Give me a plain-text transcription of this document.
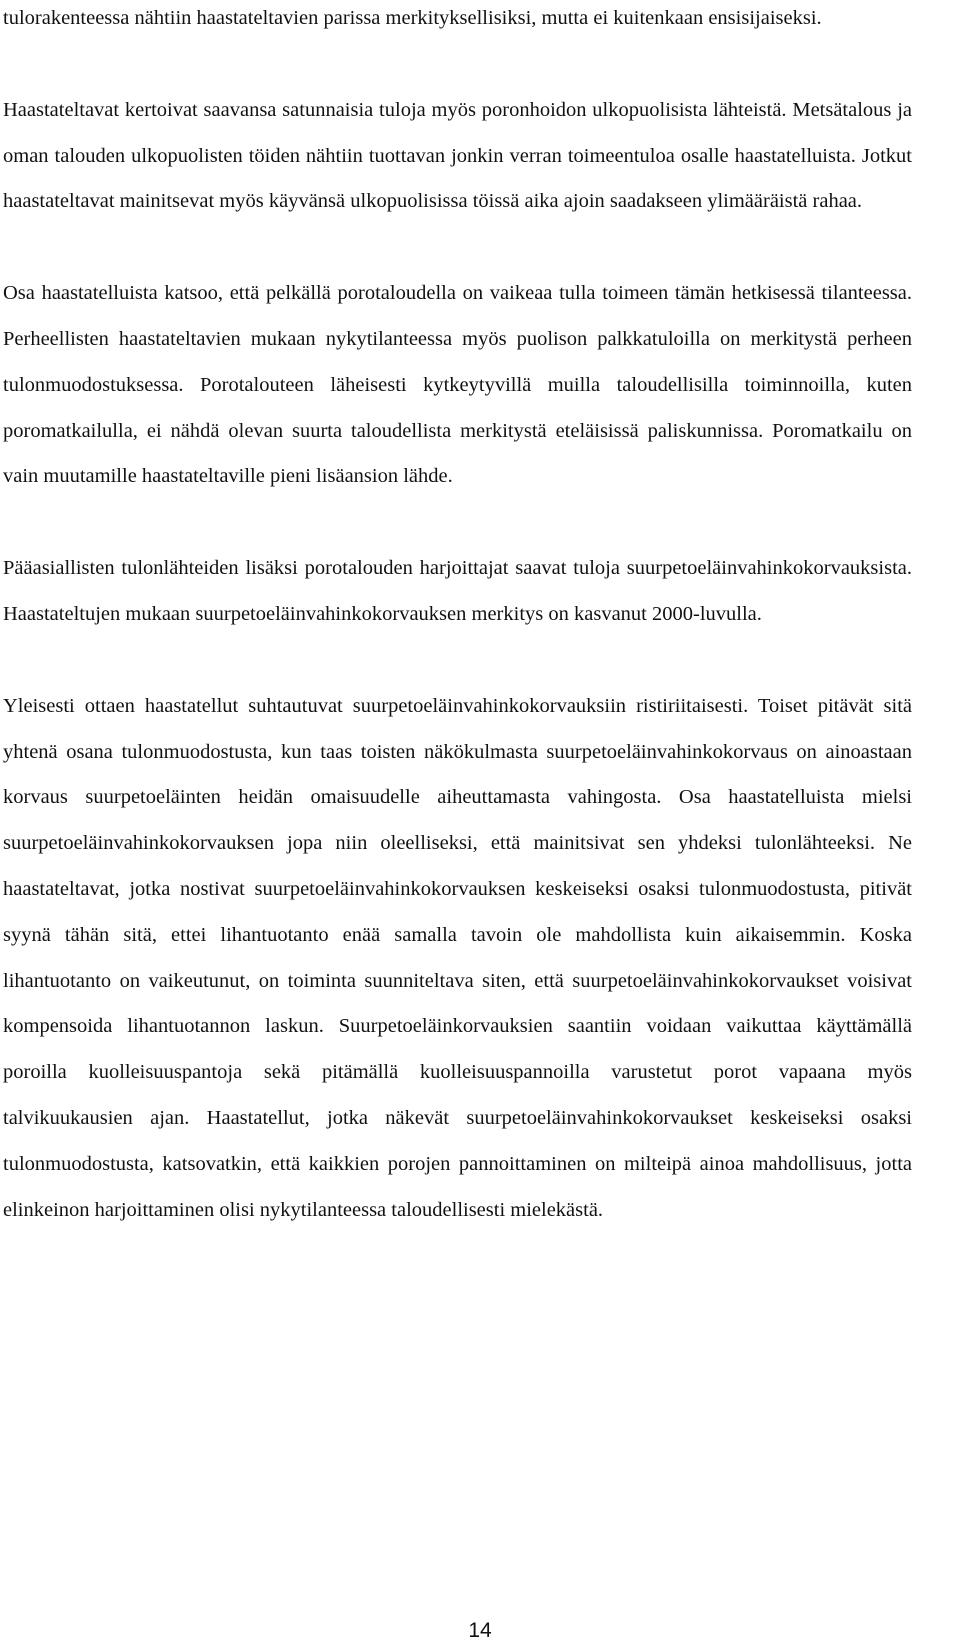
tulorakenteessa nähtiin haastateltavien parissa merkityksellisiksi, mutta ei kuitenkaan ensisijaiseksi.

Haastateltavat kertoivat saavansa satunnaisia tuloja myös poronhoidon ulkopuolisista lähteistä. Metsätalous ja oman talouden ulkopuolisten töiden nähtiin tuottavan jonkin verran toimeentuloa osalle haastatelluista. Jotkut haastateltavat mainitsevat myös käyvänsä ulkopuolisissa töissä aika ajoin saadakseen ylimääräistä rahaa.

Osa haastatelluista katsoo, että pelkällä porotaloudella on vaikeaa tulla toimeen tämän hetkisessä tilanteessa. Perheellisten haastateltavien mukaan nykytilanteessa myös puolison palkkatuloilla on merkitystä perheen tulonmuodostuksessa. Porotalouteen läheisesti kytkeytyvillä muilla taloudellisilla toiminnoilla, kuten poromatkailulla, ei nähdä olevan suurta taloudellista merkitystä eteläisissä paliskunnissa. Poromatkailu on vain muutamille haastateltaville pieni lisäansion lähde.

Pääasiallisten tulonlähteiden lisäksi porotalouden harjoittajat saavat tuloja suurpetoeläinvahinkokorvauksista. Haastateltujen mukaan suurpetoeläinvahinkokorvauksen merkitys on kasvanut 2000-luvulla.

Yleisesti ottaen haastatellut suhtautuvat suurpetoeläinvahinkokorvauksiin ristiriitaisesti. Toiset pitävät sitä yhtenä osana tulonmuodostusta, kun taas toisten näkökulmasta suurpetoeläinvahinkokorvaus on ainoastaan korvaus suurpetoeläinten heidän omaisuudelle aiheuttamasta vahingosta. Osa haastatelluista mielsi suurpetoeläinvahinkokorvauksen jopa niin oleelliseksi, että mainitsivat sen yhdeksi tulonlähteeksi. Ne haastateltavat, jotka nostivat suurpetoeläinvahinkokorvauksen keskeiseksi osaksi tulonmuodostusta, pitivät syynä tähän sitä, ettei lihantuotanto enää samalla tavoin ole mahdollista kuin aikaisemmin. Koska lihantuotanto on vaikeutunut, on toiminta suunniteltava siten, että suurpetoeläinvahinkokorvaukset voisivat kompensoida lihantuotannon laskun. Suurpetoeläinkorvauksien saantiin voidaan vaikuttaa käyttämällä poroilla kuolleisuuspantoja sekä pitämällä kuolleisuuspannoilla varustetut porot vapaana myös talvikuukausien ajan. Haastatellut, jotka näkevät suurpetoeläinvahinkokorvaukset keskeiseksi osaksi tulonmuodostusta, katsovatkin, että kaikkien porojen pannoittaminen on milteipä ainoa mahdollisuus, jotta elinkeinon harjoittaminen olisi nykytilanteessa taloudellisesti mielekästä.

14
